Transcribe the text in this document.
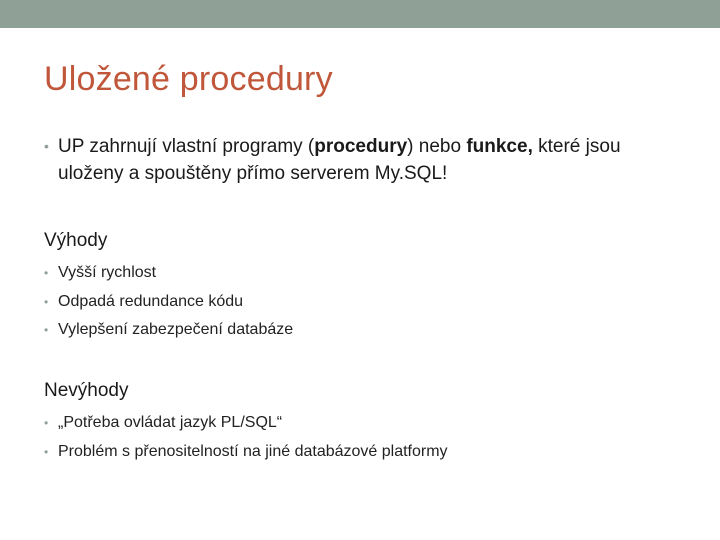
Uložené procedury
• UP zahrnují vlastní programy (procedury) nebo funkce, které jsou uloženy a spouštěny přímo serverem My.SQL!
Výhody
• Vyšší rychlost
• Odpadá redundance kódu
• Vylepšení zabezpečení databáze
Nevýhody
• „Potřeba ovládat jazyk PL/SQL“
• Problém s přenositelností na jiné databázové platformy
